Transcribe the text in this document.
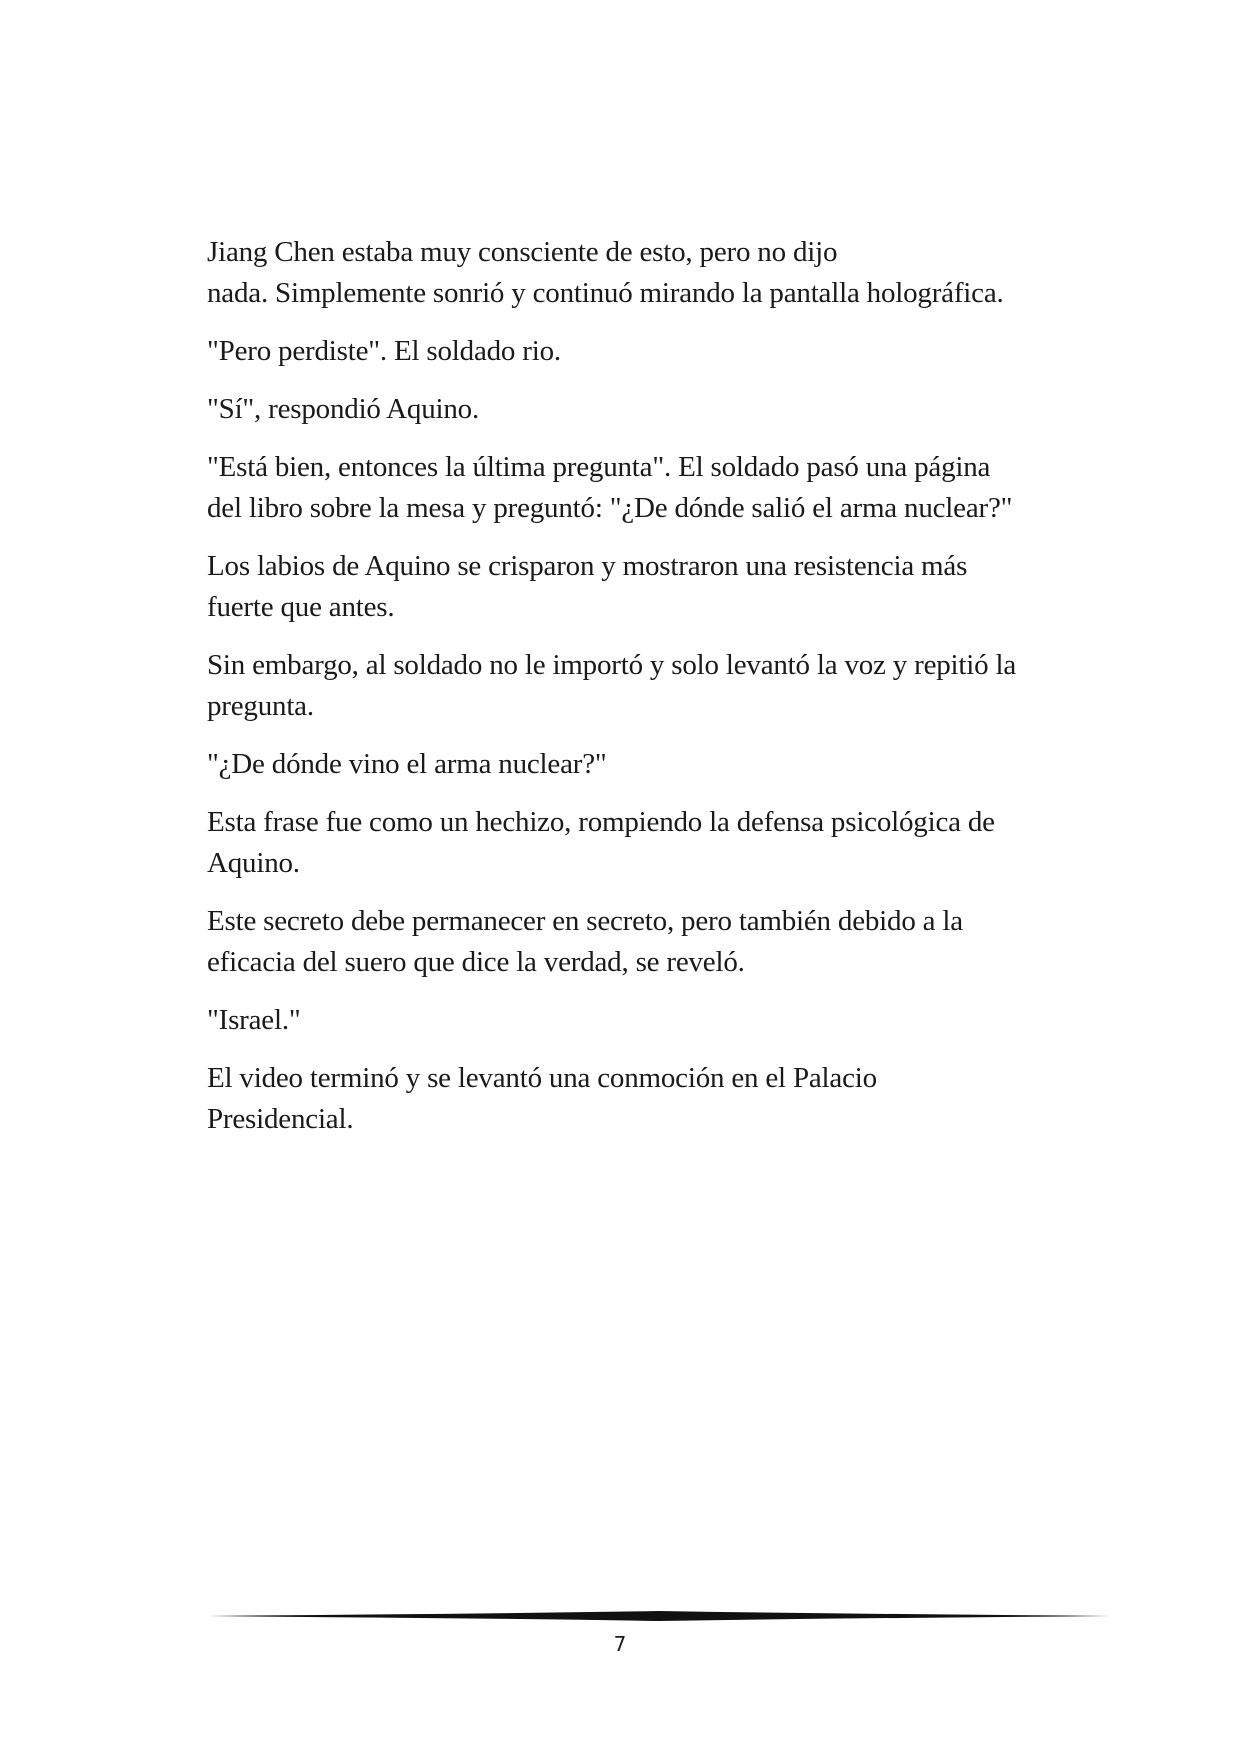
Jiang Chen estaba muy consciente de esto, pero no dijo
nada. Simplemente sonrió y continuó mirando la pantalla holográfica.

"Pero perdiste". El soldado rio.

"Sí", respondió Aquino.

"Está bien, entonces la última pregunta". El soldado pasó una página
del libro sobre la mesa y preguntó: "¿De dónde salió el arma nuclear?"

Los labios de Aquino se crisparon y mostraron una resistencia más
fuerte que antes.

Sin embargo, al soldado no le importó y solo levantó la voz y repitió la
pregunta.

"¿De dónde vino el arma nuclear?"

Esta frase fue como un hechizo, rompiendo la defensa psicológica de
Aquino.

Este secreto debe permanecer en secreto, pero también debido a la
eficacia del suero que dice la verdad, se reveló.

"Israel."

El video terminó y se levantó una conmoción en el Palacio
Presidencial.

7
